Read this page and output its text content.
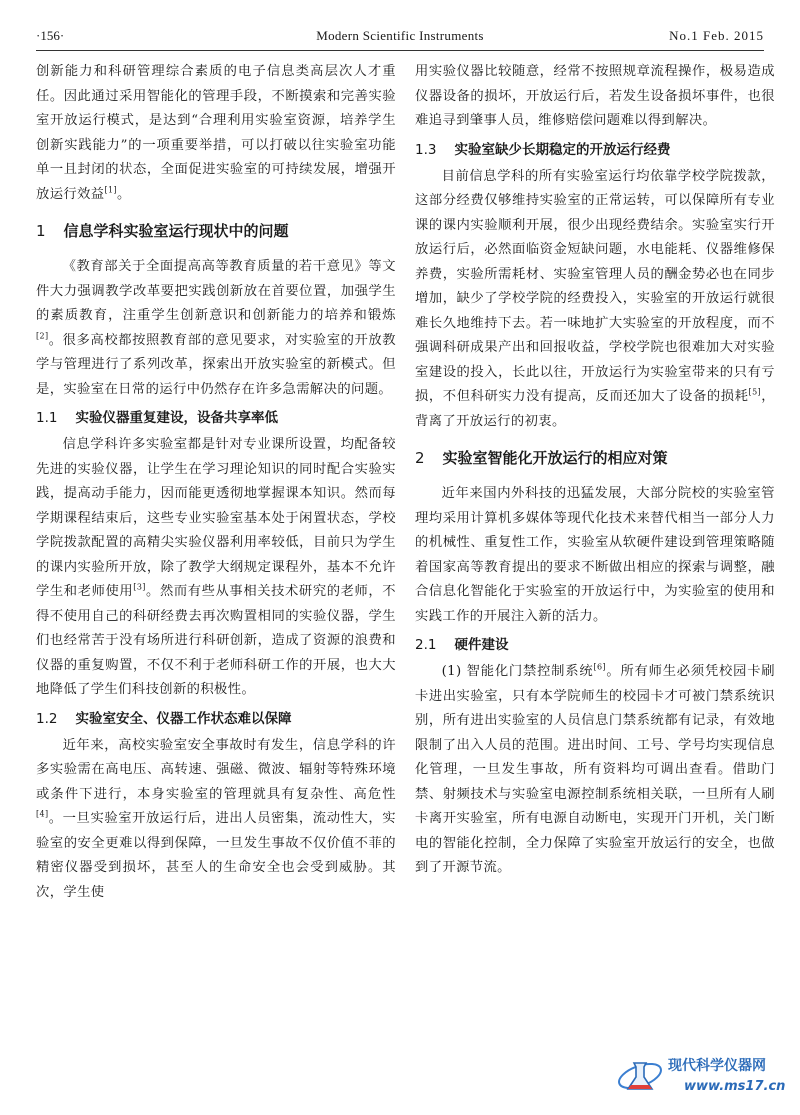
·156·	Modern Scientific Instruments	No.1 Feb. 2015

创新能力和科研管理综合素质的电子信息类高层次人才重任。因此通过采用智能化的管理手段，不断摸索和完善实验室开放运行模式，是达到“合理利用实验室资源，培养学生创新实践能力”的一项重要举措，可以打破以往实验室功能单一且封闭的状态，全面促进实验室的可持续发展，增强开放运行效益[1]。

1 信息学科实验室运行现状中的问题

《教育部关于全面提高高等教育质量的若干意见》等文件大力强调教学改革要把实践创新放在首要位置，加强学生的素质教育，注重学生创新意识和创新能力的培养和锻炼[2]。很多高校都按照教育部的意见要求，对实验室的开放教学与管理进行了系列改革，探索出开放实验室的新模式。但是，实验室在日常的运行中仍然存在许多急需解决的问题。

1.1 实验仪器重复建设，设备共享率低

信息学科许多实验室都是针对专业课所设置，均配备较先进的实验仪器，让学生在学习理论知识的同时配合实验实践，提高动手能力，因而能更透彻地掌握课本知识。然而每学期课程结束后，这些专业实验室基本处于闲置状态，学校学院拨款配置的高精尖实验仪器利用率较低，目前只为学生的课内实验所开放，除了教学大纲规定课程外，基本不允许学生和老师使用[3]。然而有些从事相关技术研究的老师，不得不使用自己的科研经费去再次购置相同的实验仪器，学生们也经常苦于没有场所进行科研创新，造成了资源的浪费和仪器的重复购置，不仅不利于老师科研工作的开展，也大大地降低了学生们科技创新的积极性。

1.2 实验室安全、仪器工作状态难以保障

近年来，高校实验室安全事故时有发生，信息学科的许多实验需在高电压、高转速、强磁、微波、辐射等特殊环境或条件下进行，本身实验室的管理就具有复杂性、高危性[4]。一旦实验室开放运行后，进出人员密集，流动性大，实验室的安全更难以得到保障，一旦发生事故不仅价值不菲的精密仪器受到损坏，甚至人的生命安全也会受到威胁。其次，学生使

用实验仪器比较随意，经常不按照规章流程操作，极易造成仪器设备的损坏，开放运行后，若发生设备损坏事件，也很难追寻到肇事人员，维修赔偿问题难以得到解决。

1.3 实验室缺少长期稳定的开放运行经费

目前信息学科的所有实验室运行均依靠学校学院拨款，这部分经费仅够维持实验室的正常运转，可以保障所有专业课的课内实验顺利开展，很少出现经费结余。实验室实行开放运行后，必然面临资金短缺问题，水电能耗、仪器维修保养费，实验所需耗材、实验室管理人员的酬金势必也在同步增加，缺少了学校学院的经费投入，实验室的开放运行就很难长久地维持下去。若一味地扩大实验室的开放程度，而不强调科研成果产出和回报收益，学校学院也很难加大对实验室建设的投入，长此以往，开放运行为实验室带来的只有亏损，不但科研实力没有提高，反而还加大了设备的损耗[5]，背离了开放运行的初衷。

2 实验室智能化开放运行的相应对策

近年来国内外科技的迅猛发展，大部分院校的实验室管理均采用计算机多媒体等现代化技术来替代相当一部分人力的机械性、重复性工作，实验室从软硬件建设到管理策略随着国家高等教育提出的要求不断做出相应的探索与调整，融合信息化智能化于实验室的开放运行中，为实验室的使用和实践工作的开展注入新的活力。

2.1 硬件建设

(1) 智能化门禁控制系统[6]。所有师生必须凭校园卡刷卡进出实验室，只有本学院师生的校园卡才可被门禁系统识别，所有进出实验室的人员信息门禁系统都有记录，有效地限制了出入人员的范围。进出时间、工号、学号均实现信息化管理，一旦发生事故，所有资料均可调出查看。借助门禁、射频技术与实验室电源控制系统相关联，一旦所有人刷卡离开实验室，所有电源自动断电，实现开门开机，关门断电的智能化控制，全力保障了实验室开放运行的安全，也做到了开源节流。

现代科学仪器网
www.ms17.cn
